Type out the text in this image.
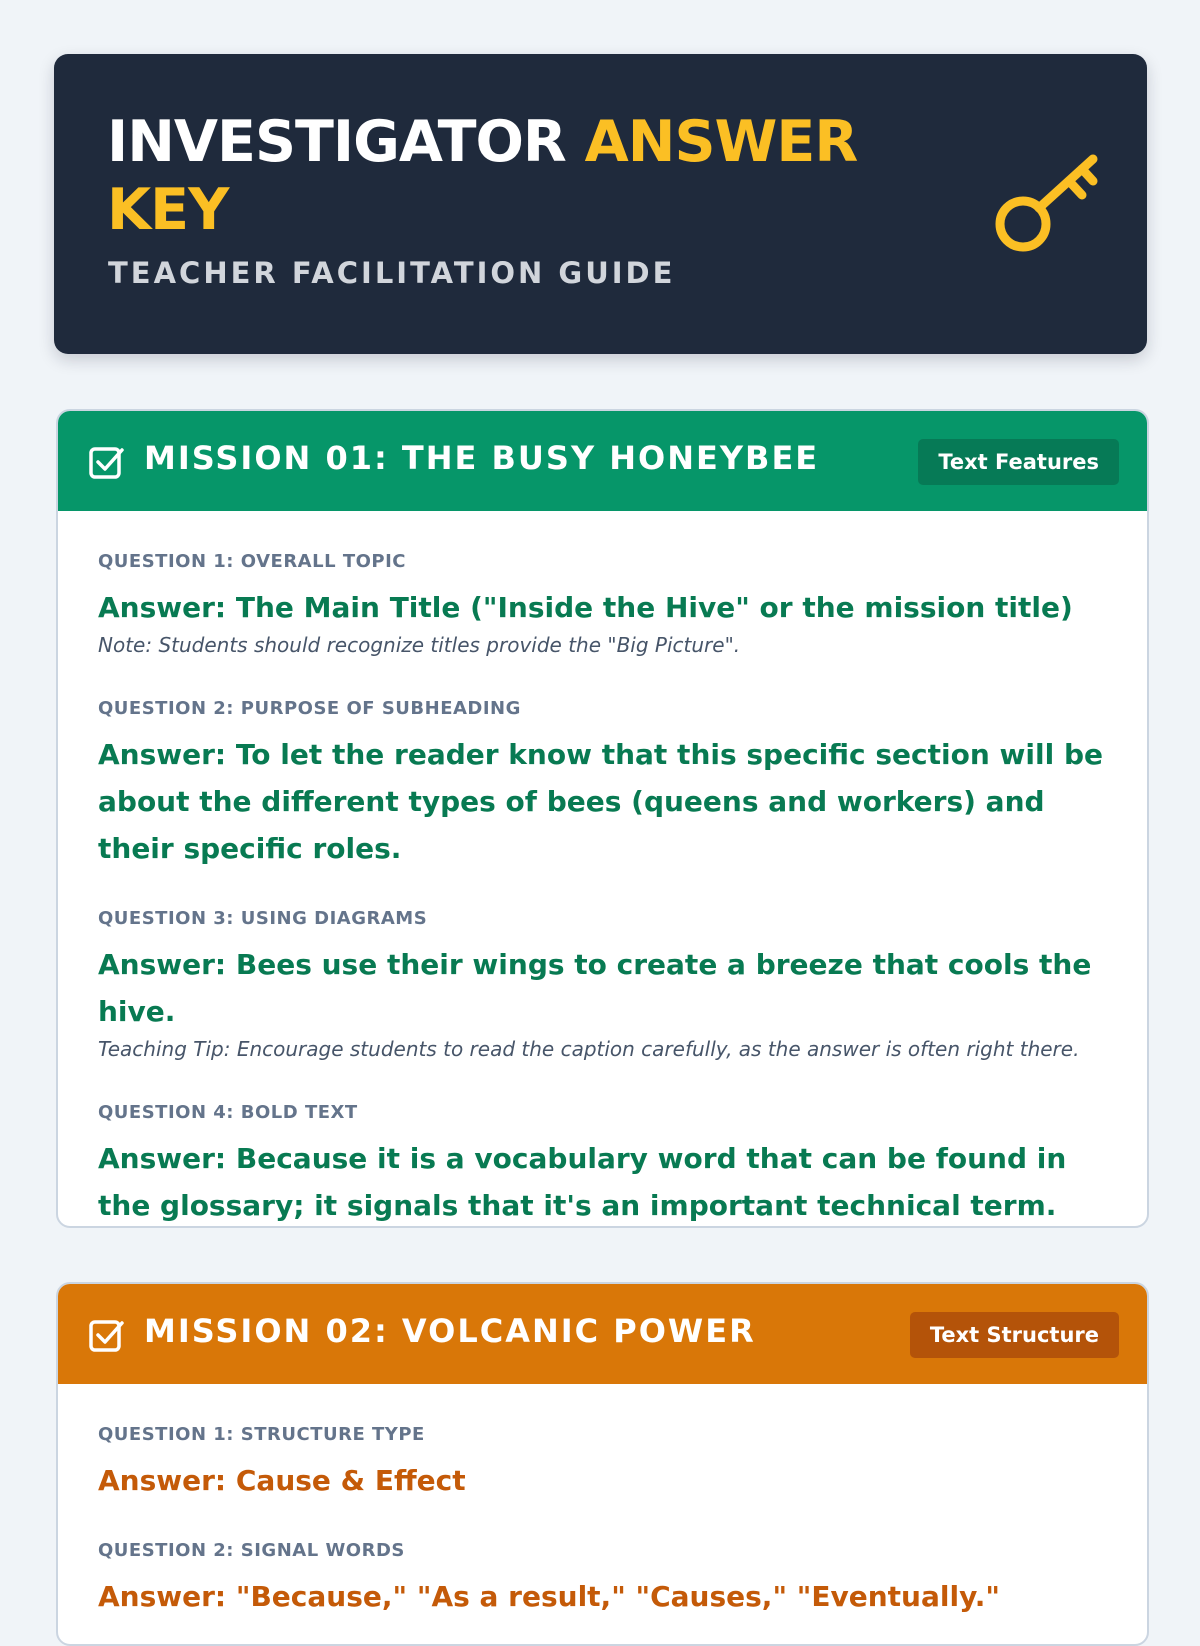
INVESTIGATOR ANSWER KEY
TEACHER FACILITATION GUIDE
MISSION 01: THE BUSY HONEYBEE	Text Features
QUESTION 1: OVERALL TOPIC
Answer: The Main Title ("Inside the Hive" or the mission title)
Note: Students should recognize titles provide the "Big Picture".
QUESTION 2: PURPOSE OF SUBHEADING
Answer: To let the reader know that this specific section will be about the different types of bees (queens and workers) and their specific roles.
QUESTION 3: USING DIAGRAMS
Answer: Bees use their wings to create a breeze that cools the hive.
Teaching Tip: Encourage students to read the caption carefully, as the answer is often right there.
QUESTION 4: BOLD TEXT
Answer: Because it is a vocabulary word that can be found in the glossary; it signals that it's an important technical term.
MISSION 02: VOLCANIC POWER	Text Structure
QUESTION 1: STRUCTURE TYPE
Answer: Cause & Effect
QUESTION 2: SIGNAL WORDS
Answer: "Because," "As a result," "Causes," "Eventually."
